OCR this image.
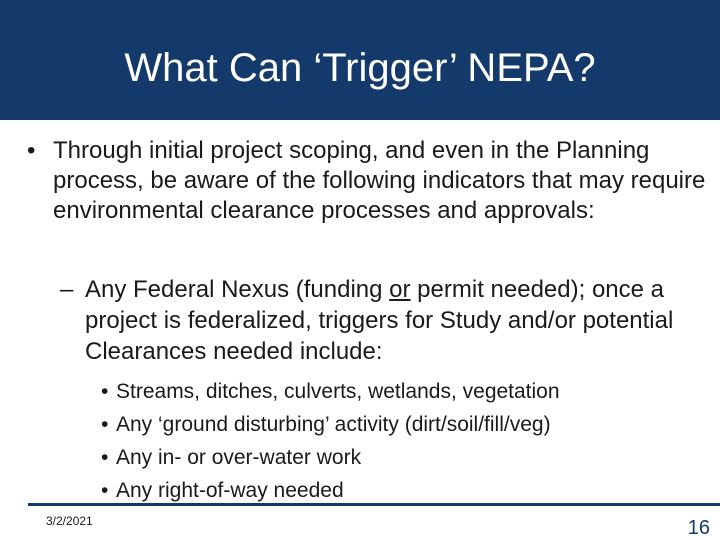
What Can ‘Trigger’ NEPA?
• Through initial project scoping, and even in the Planning process, be aware of the following indicators that may require environmental clearance processes and approvals:
– Any Federal Nexus (funding or permit needed); once a project is federalized, triggers for Study and/or potential Clearances needed include:
• Streams, ditches, culverts, wetlands, vegetation
• Any ‘ground disturbing’ activity (dirt/soil/fill/veg)
• Any in- or over-water work
• Any right-of-way needed
3/2/2021	16
